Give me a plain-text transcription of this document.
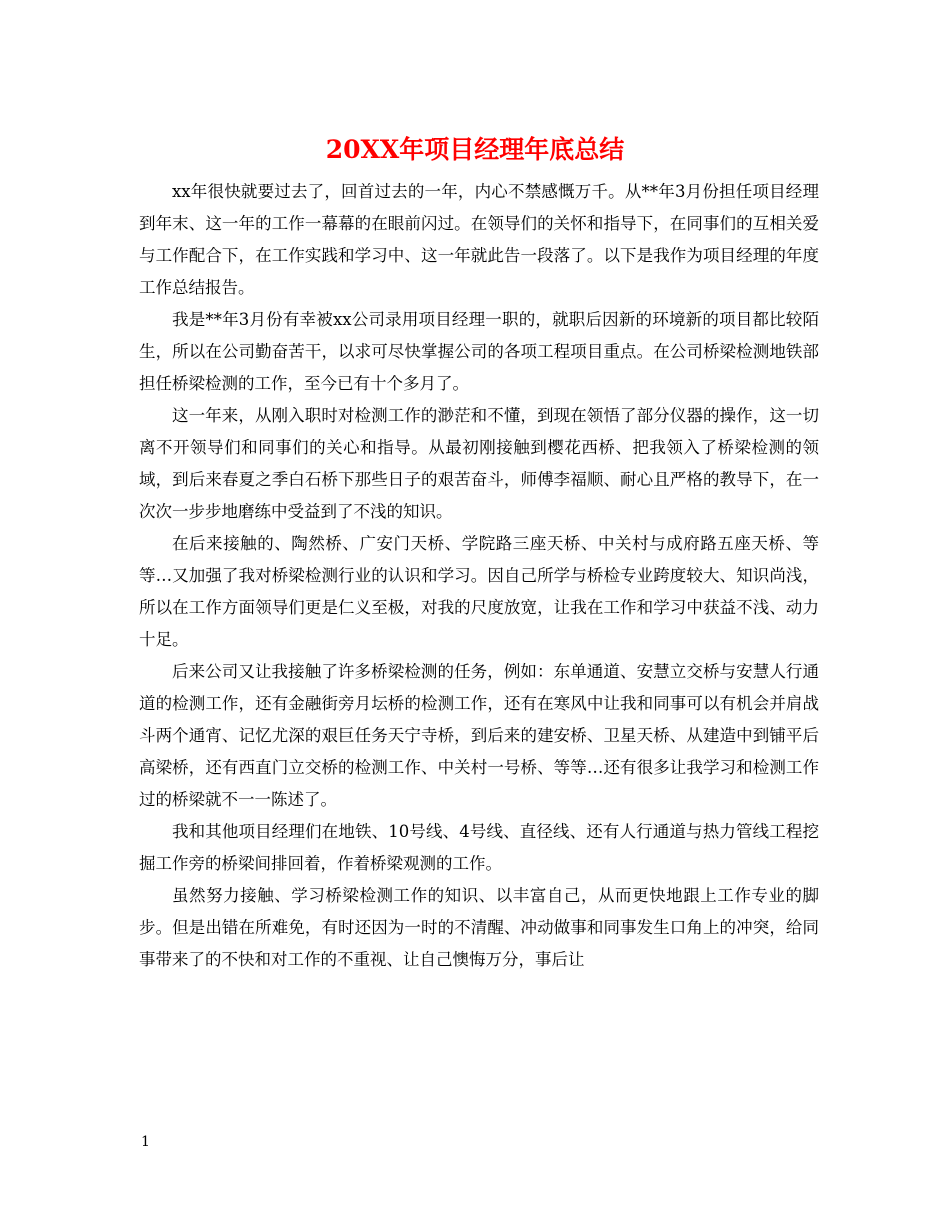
20XX年项目经理年底总结

xx年很快就要过去了，回首过去的一年，内心不禁感慨万千。从**年3月份担任项目经理到年末、这一年的工作一幕幕的在眼前闪过。在领导们的关怀和指导下，在同事们的互相关爱与工作配合下，在工作实践和学习中、这一年就此告一段落了。以下是我作为项目经理的年度工作总结报告。

我是**年3月份有幸被xx公司录用项目经理一职的，就职后因新的环境新的项目都比较陌生，所以在公司勤奋苦干，以求可尽快掌握公司的各项工程项目重点。在公司桥梁检测地铁部担任桥梁检测的工作，至今已有十个多月了。

这一年来，从刚入职时对检测工作的渺茫和不懂，到现在领悟了部分仪器的操作，这一切离不开领导们和同事们的关心和指导。从最初刚接触到樱花西桥、把我领入了桥梁检测的领域，到后来春夏之季白石桥下那些日子的艰苦奋斗，师傅李福顺、耐心且严格的教导下，在一次次一步步地磨练中受益到了不浅的知识。

在后来接触的、陶然桥、广安门天桥、学院路三座天桥、中关村与成府路五座天桥、等等…又加强了我对桥梁检测行业的认识和学习。因自己所学与桥检专业跨度较大、知识尚浅，所以在工作方面领导们更是仁义至极，对我的尺度放宽，让我在工作和学习中获益不浅、动力十足。

后来公司又让我接触了许多桥梁检测的任务，例如：东单通道、安慧立交桥与安慧人行通道的检测工作，还有金融街旁月坛桥的检测工作，还有在寒风中让我和同事可以有机会并肩战斗两个通宵、记忆尤深的艰巨任务天宁寺桥，到后来的建安桥、卫星天桥、从建造中到铺平后高梁桥，还有西直门立交桥的检测工作、中关村一号桥、等等…还有很多让我学习和检测工作过的桥梁就不一一陈述了。

我和其他项目经理们在地铁、10号线、4号线、直径线、还有人行通道与热力管线工程挖掘工作旁的桥梁间排回着，作着桥梁观测的工作。

虽然努力接触、学习桥梁检测工作的知识、以丰富自己，从而更快地跟上工作专业的脚步。但是出错在所难免，有时还因为一时的不清醒、冲动做事和同事发生口角上的冲突，给同事带来了的不快和对工作的不重视、让自己懊悔万分，事后让

1
